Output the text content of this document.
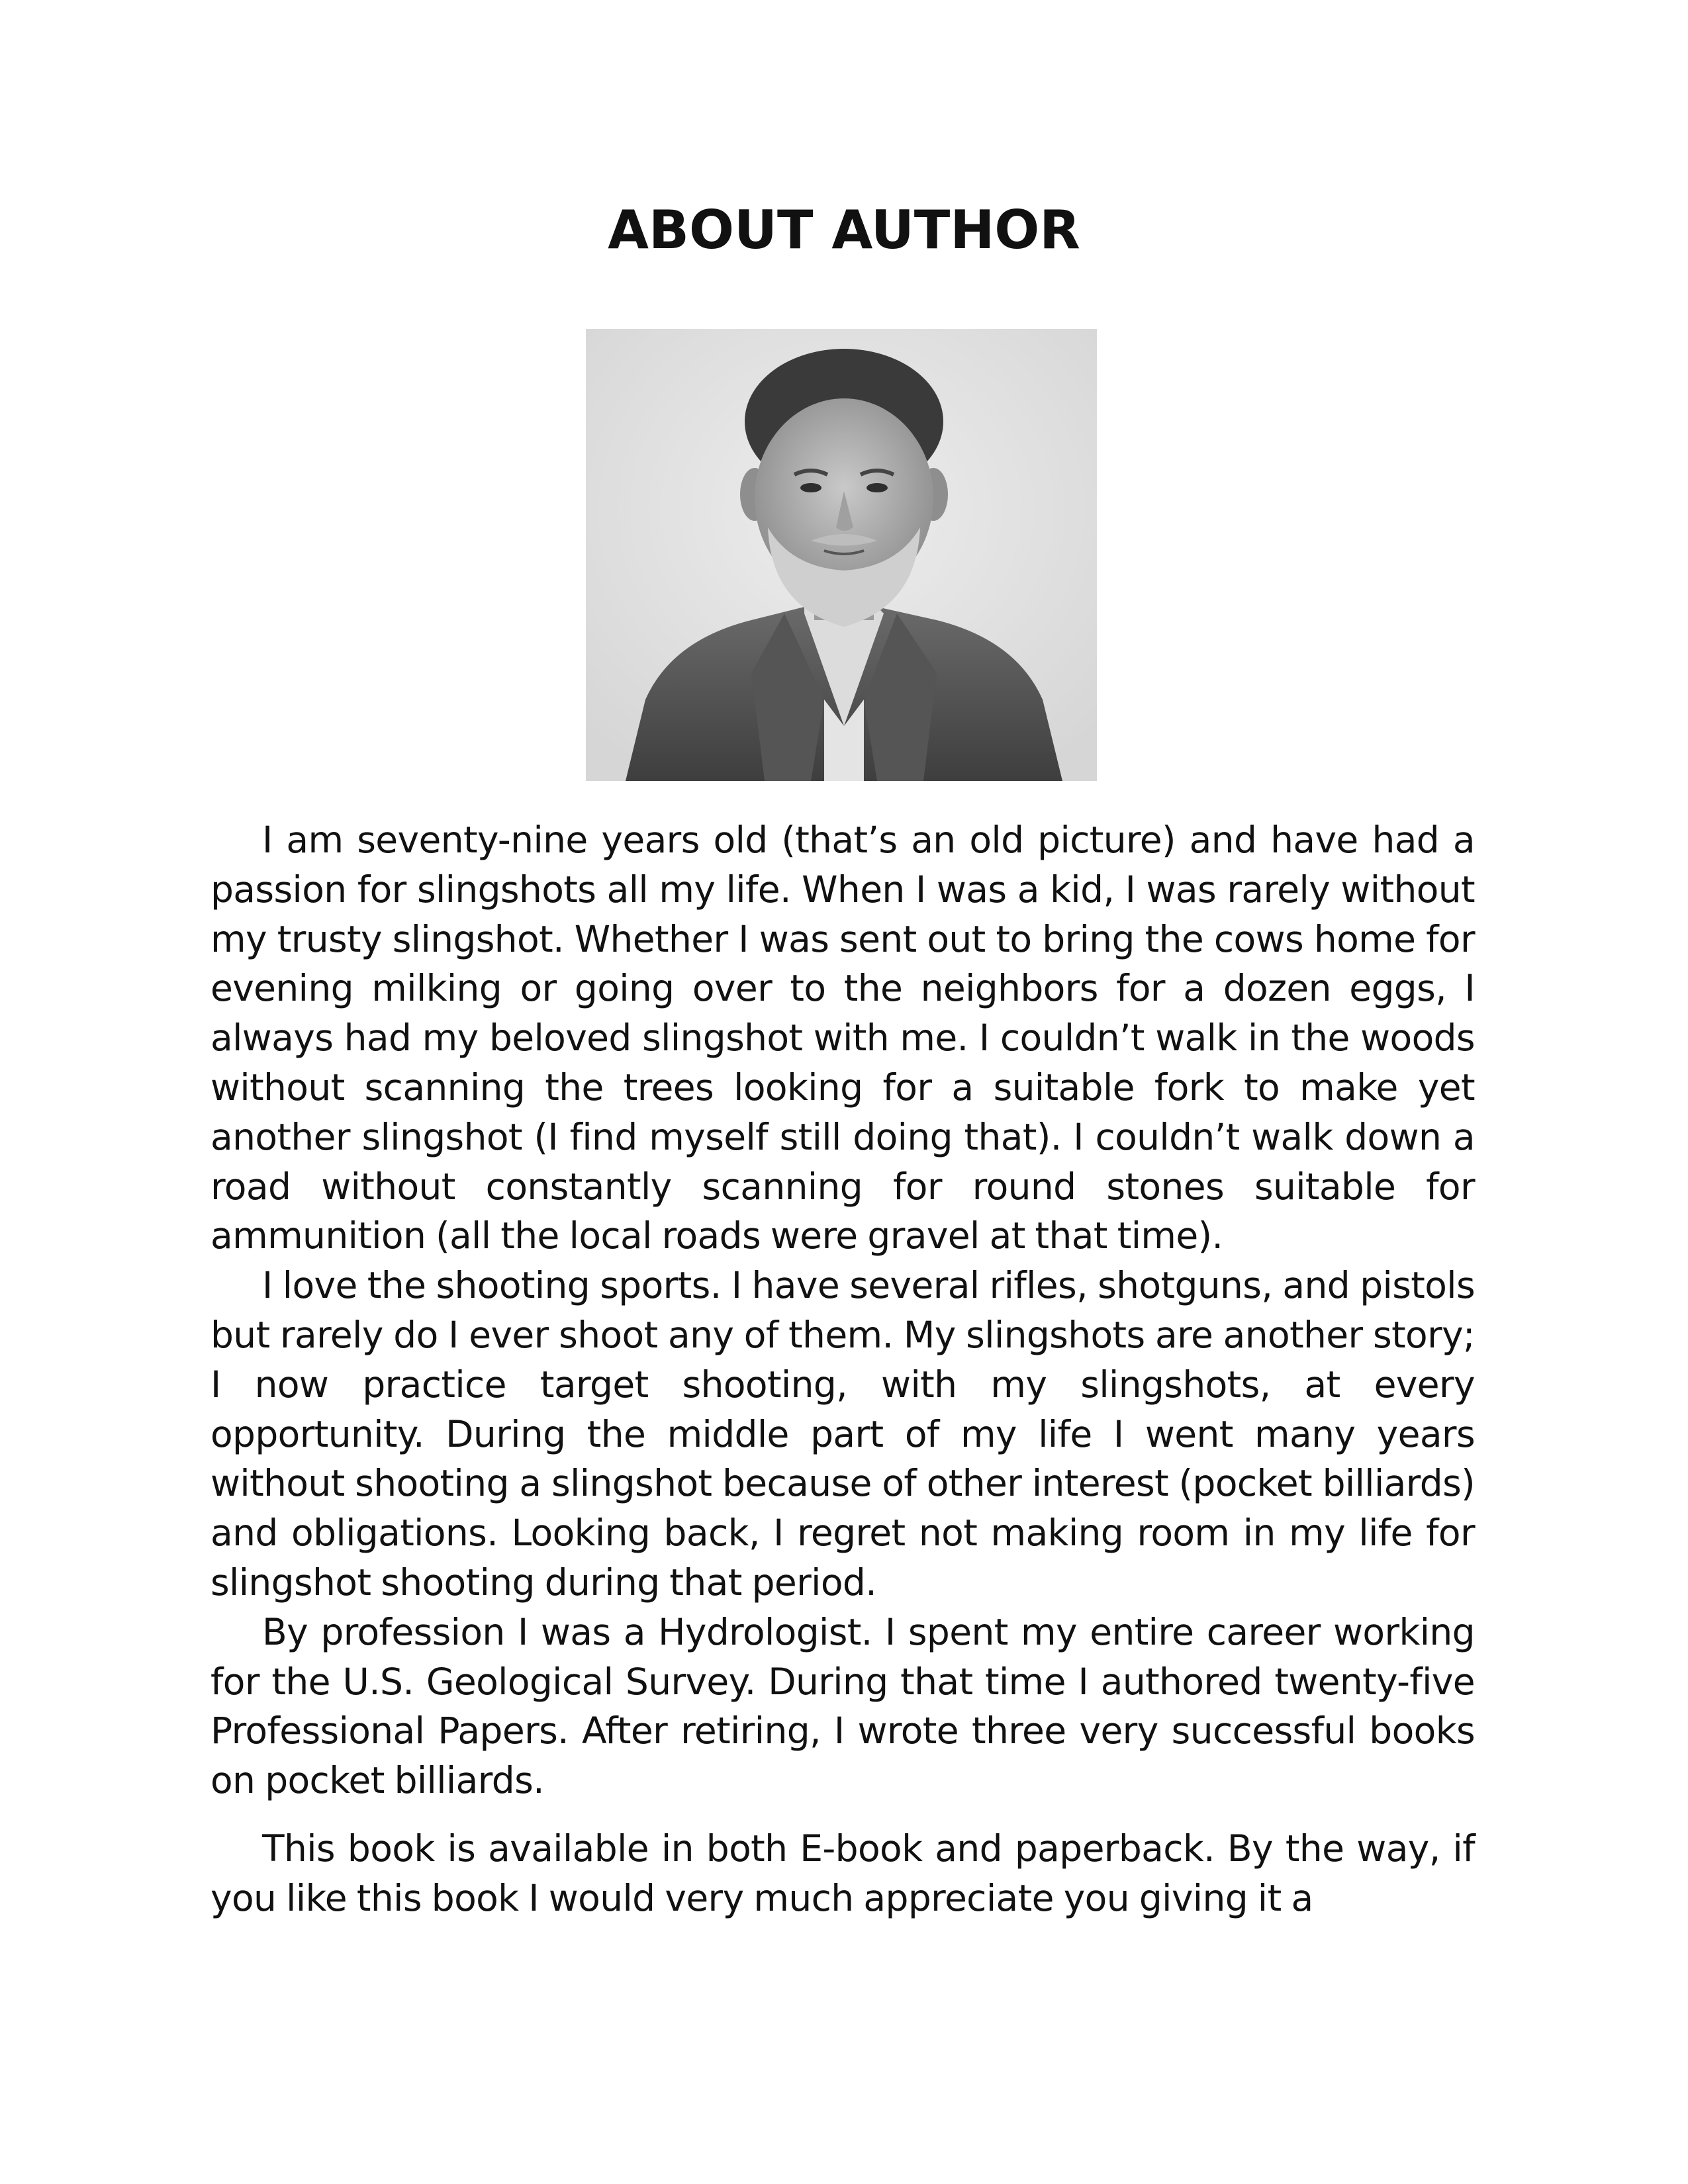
ABOUT AUTHOR

I am seventy-nine years old (that’s an old picture) and have had a passion for slingshots all my life. When I was a kid, I was rarely without my trusty slingshot. Whether I was sent out to bring the cows home for evening milking or going over to the neighbors for a dozen eggs, I always had my beloved slingshot with me. I couldn’t walk in the woods without scanning the trees looking for a suitable fork to make yet another slingshot (I find myself still doing that). I couldn’t walk down a road without constantly scanning for round stones suitable for ammunition (all the local roads were gravel at that time).

I love the shooting sports. I have several rifles, shotguns, and pistols but rarely do I ever shoot any of them. My slingshots are another story; I now practice target shooting, with my slingshots, at every opportunity. During the middle part of my life I went many years without shooting a slingshot because of other interest (pocket billiards) and obligations. Looking back, I regret not making room in my life for slingshot shooting during that period.

By profession I was a Hydrologist. I spent my entire career working for the U.S. Geological Survey. During that time I authored twenty-five Professional Papers. After retiring, I wrote three very successful books on pocket billiards.

This book is available in both E-book and paperback. By the way, if you like this book I would very much appreciate you giving it a
